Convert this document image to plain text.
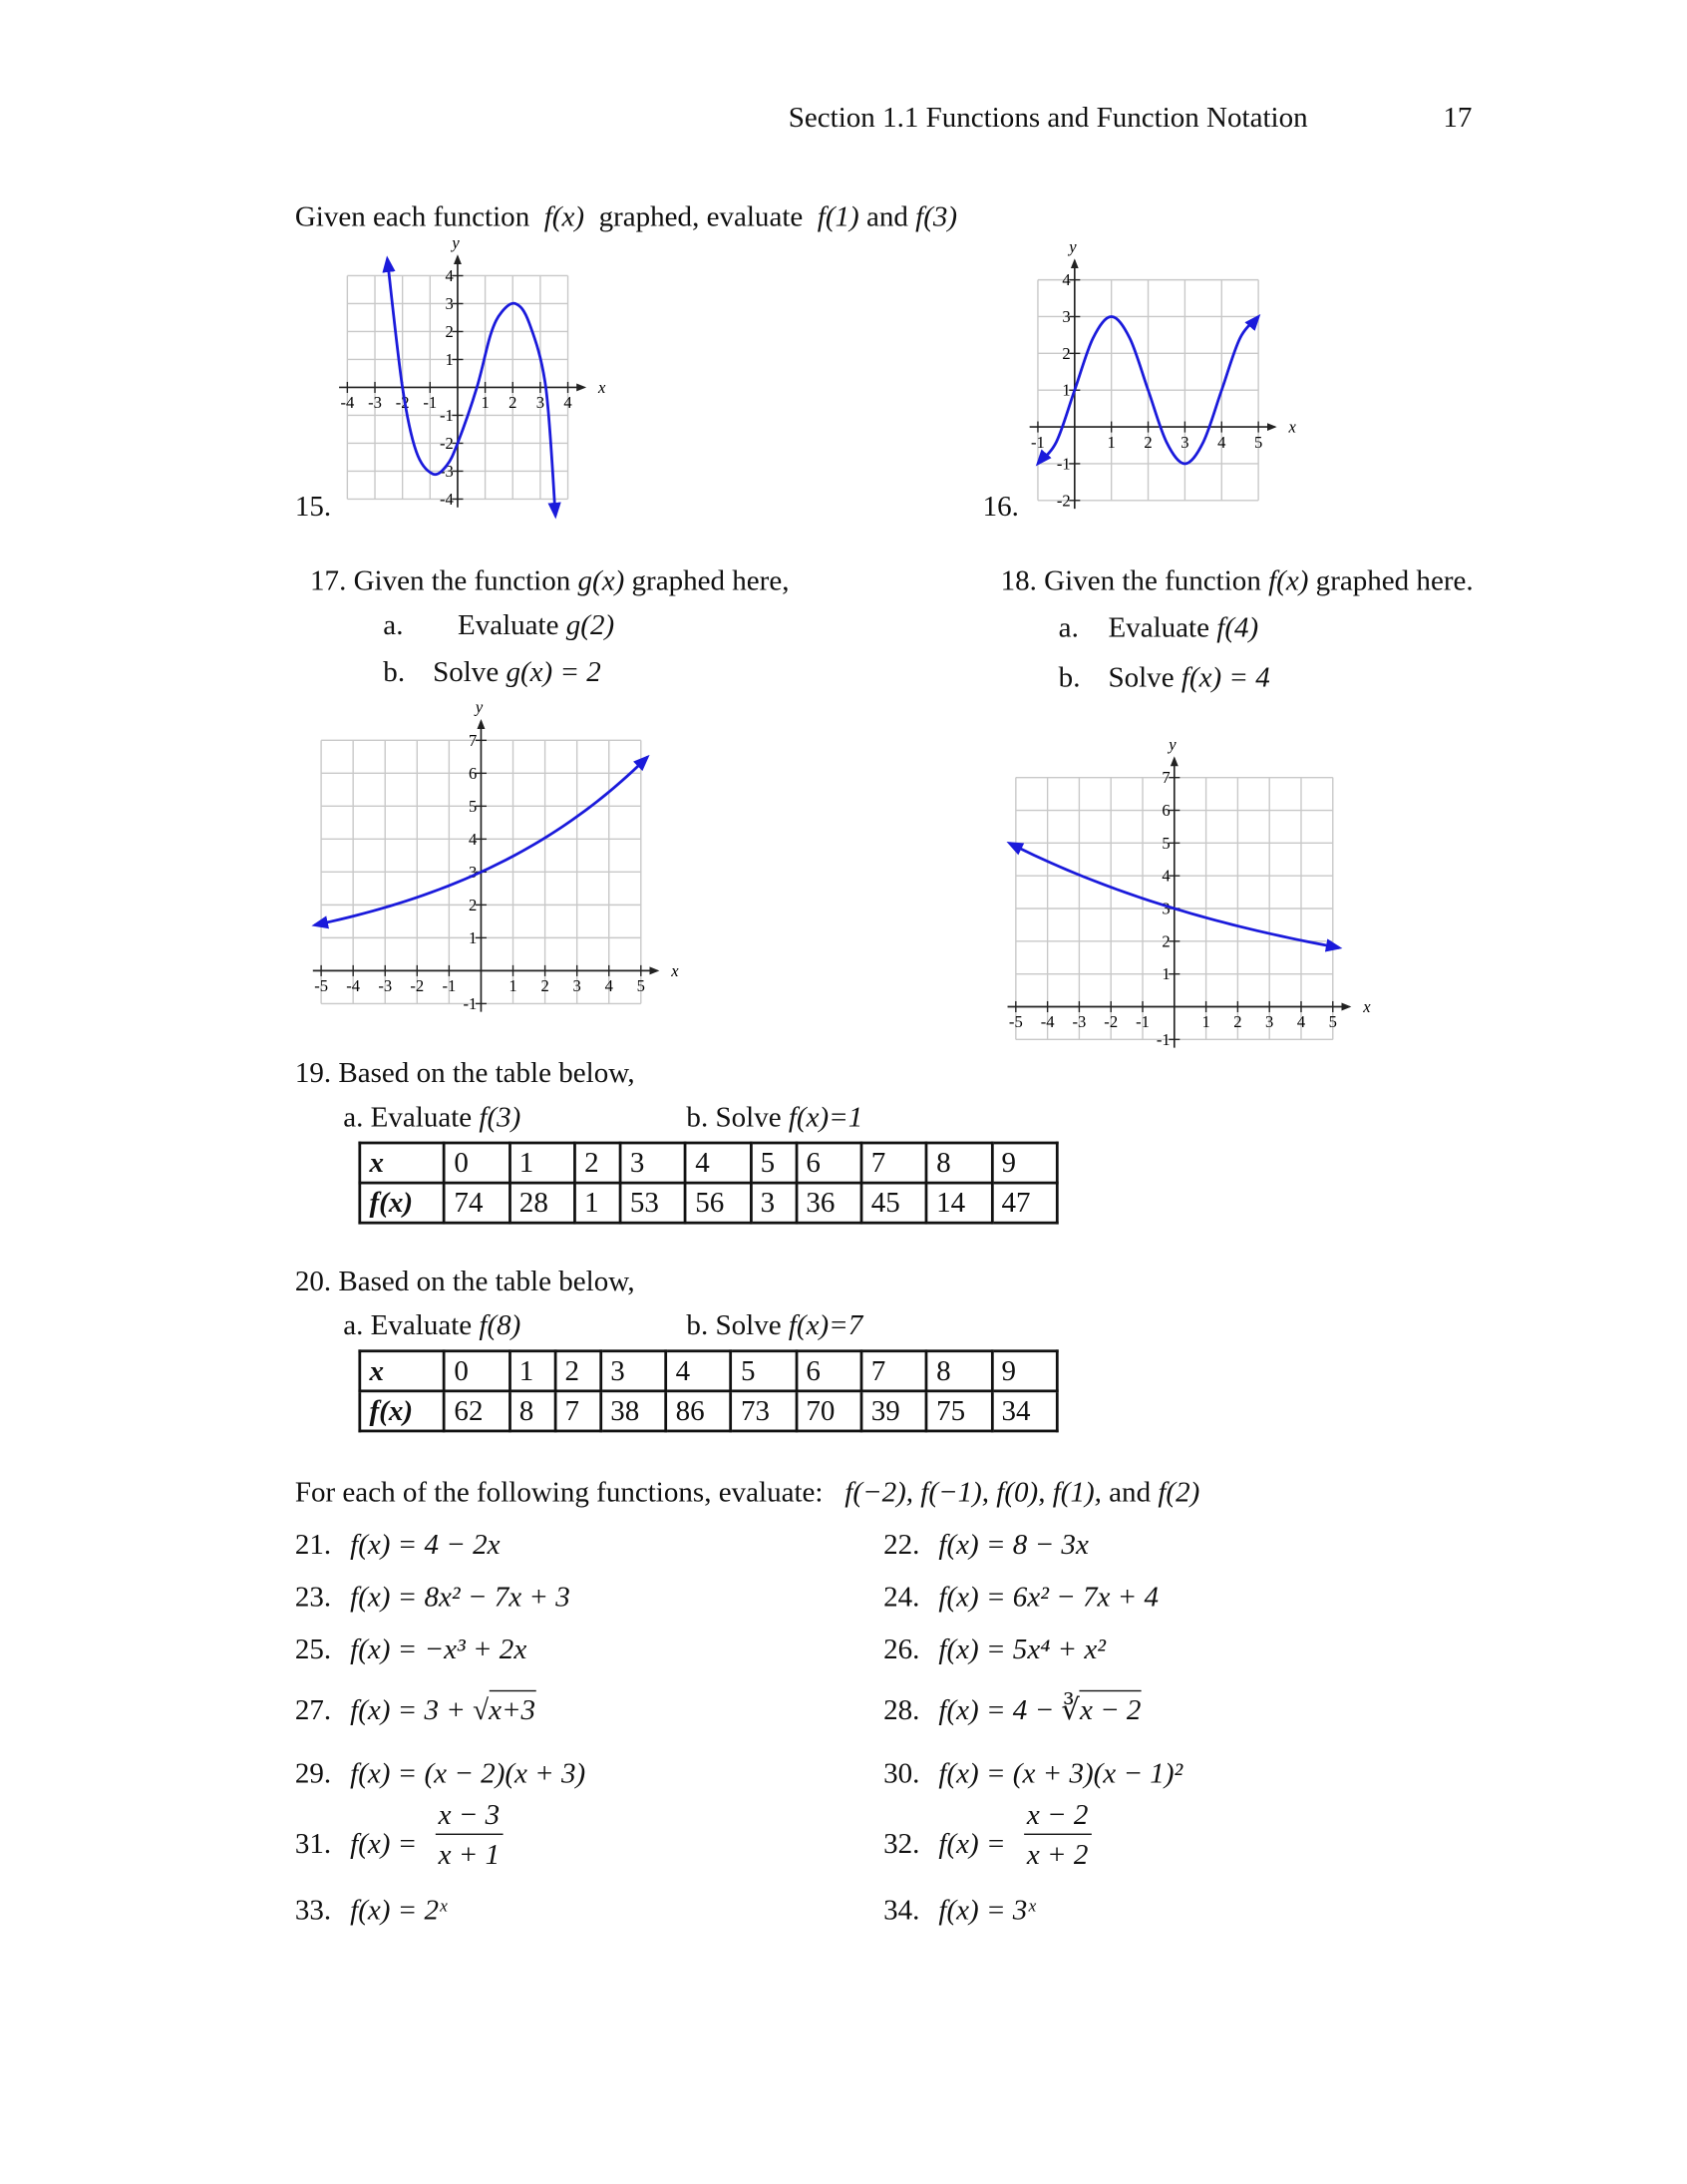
Section 1.1 Functions and Function Notation	17
Given each function f(x) graphed, evaluate f(1) and f(3)
15.	16.
17. Given the function g(x) graphed here,
a.	Evaluate g(2)
b. Solve g(x) = 2
18. Given the function f(x) graphed here.
a. Evaluate f(4)
b. Solve f(x) = 4
19. Based on the table below,
a. Evaluate f(3)	b. Solve f(x)=1
x	0	1	2	3	4	5	6	7	8	9
f(x)	74	28	1	53	56	3	36	45	14	47
20. Based on the table below,
a. Evaluate f(8)	b. Solve f(x)=7
x	0	1	2	3	4	5	6	7	8	9
f(x)	62	8	7	38	86	73	70	39	75	34
For each of the following functions, evaluate: f(−2), f(−1), f(0), f(1), and f(2)
21. f(x) = 4 − 2x	22. f(x) = 8 − 3x
23. f(x) = 8x² − 7x + 3	24. f(x) = 6x² − 7x + 4
25. f(x) = −x³ + 2x	26. f(x) = 5x⁴ + x²
27. f(x) = 3 + √x+3	28. f(x) = 4 − ∛x − 2
29. f(x) = (x − 2)(x + 3)	30. f(x) = (x + 3)(x − 1)²
31. $f(x) = \frac{x - 3}{x + 1}$	32. $f(x) = \frac{x - 2}{x + 2}$
33. f(x) = 2ˣ	34. f(x) = 3ˣ
-4 -3 -2 -1	1 2 3 4
-4
-3
-2
-1
1
2
3
4
x
y
-1	1 2 3 4 5
-2
-1
1
2
3
4
x
y
-5 -4 -3 -2 -1	1 2 3 4 5
-1
1
2
3
4
5
6
7
x
y
-5 -4 -3 -2 -1	1 2 3 4 5
-1
1
2
3
4
5
6
7
x
y
